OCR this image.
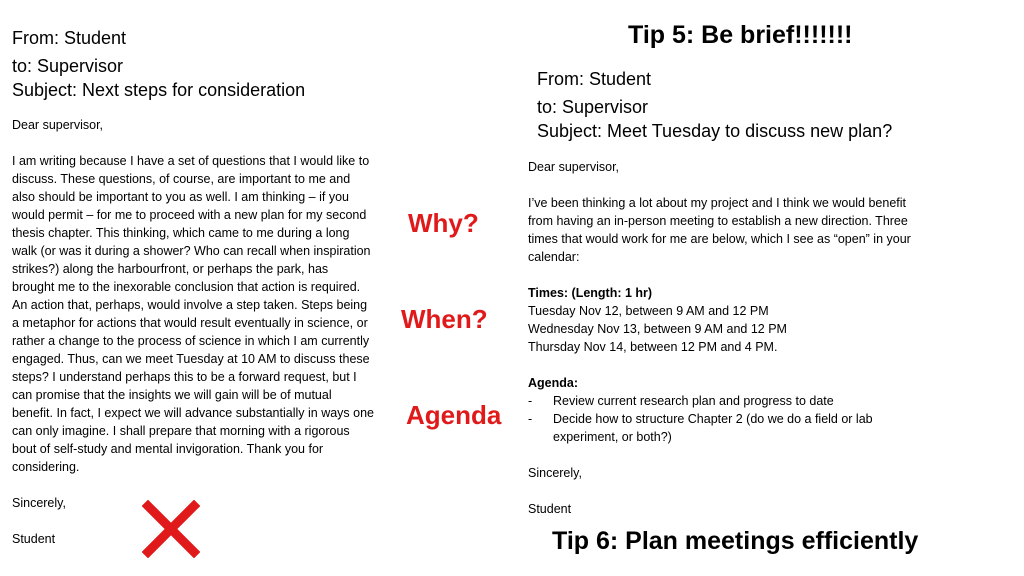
From: Student
to: Supervisor
Subject: Next steps for consideration

Dear supervisor,

I am writing because I have a set of questions that I would like to discuss. These questions, of course, are important to me and also should be important to you as well. I am thinking – if you would permit – for me to proceed with a new plan for my second thesis chapter. This thinking, which came to me during a long walk (or was it during a shower? Who can recall when inspiration strikes?) along the harbourfront, or perhaps the park, has brought me to the inexorable conclusion that action is required. An action that, perhaps, would involve a step taken. Steps being a metaphor for actions that would result eventually in science, or rather a change to the process of science in which I am currently engaged. Thus, can we meet Tuesday at 10 AM to discuss these steps? I understand perhaps this to be a forward request, but I can promise that the insights we will gain will be of mutual benefit. In fact, I expect we will advance substantially in ways one can only imagine. I shall prepare that morning with a rigorous bout of self-study and mental invigoration. Thank you for considering.

Sincerely,

Student

Why?
When?
Agenda
Tip 5: Be brief!!!!!!!
From: Student
to: Supervisor
Subject: Meet Tuesday to discuss new plan?

Dear supervisor,

I’ve been thinking a lot about my project and I think we would benefit from having an in-person meeting to establish a new direction. Three times that would work for me are below, which I see as “open” in your calendar:

Times: (Length: 1 hr)

Tuesday Nov 12, between 9 AM and 12 PM

Wednesday Nov 13, between 9 AM and 12 PM

Thursday Nov 14, between 12 PM and 4 PM.

Agenda:

- Review current research plan and progress to date
- Decide how to structure Chapter 2 (do we do a field or lab experiment, or both?)

Sincerely,

Student

Tip 6: Plan meetings efficiently
